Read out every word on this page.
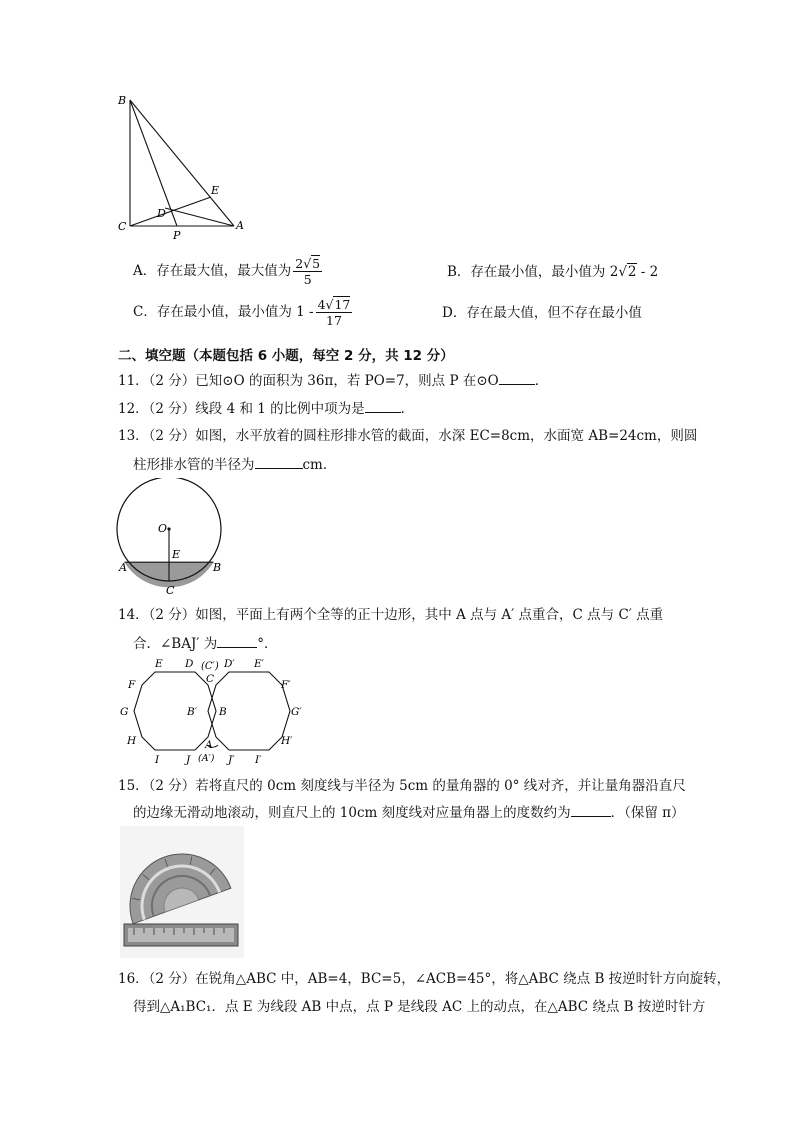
B
E
D
C
P
A
A．存在最大值，最大值为 $\frac{2√5}{5}$	B．存在最小值，最小值为 2√2 - 2
C．存在最小值，最小值为 $1 - \frac{4√17}{17}$	D．存在最大值，但不存在最小值
二、填空题（本题包括 6 小题，每空 2 分，共 12 分）
11．（2 分）已知⊙O 的面积为 36π，若 PO=7，则点 P 在⊙O	．
12．（2 分）线段 4 和 1 的比例中项为是	．
13．（2 分）如图，水平放着的圆柱形排水管的截面，水深 EC=8cm，水面宽 AB=24cm，则圆
柱形排水管的半径为	cm．
O
E
A	B
C
14．（2 分）如图，平面上有两个全等的正十边形，其中 A 点与 A′ 点重合，C 点与 C′ 点重
合．∠BAJ′ 为	°．
E D (C′)
C
D′ E′
F	F′
G	B′ B	G′
H	H′
A
(A′)
I	J	J′ I′
15．（2 分）若将直尺的 0cm 刻度线与半径为 5cm 的量角器的 0° 线对齐，并让量角器沿直尺
的边缘无滑动地滚动，则直尺上的 10cm 刻度线对应量角器上的度数约为	．（保留 π）
16．（2 分）在锐角△ABC 中，AB=4，BC=5，∠ACB=45°，将△ABC 绕点 B 按逆时针方向旋转，
得到△A₁BC₁．点 E 为线段 AB 中点，点 P 是线段 AC 上的动点，在△ABC 绕点 B 按逆时针方
